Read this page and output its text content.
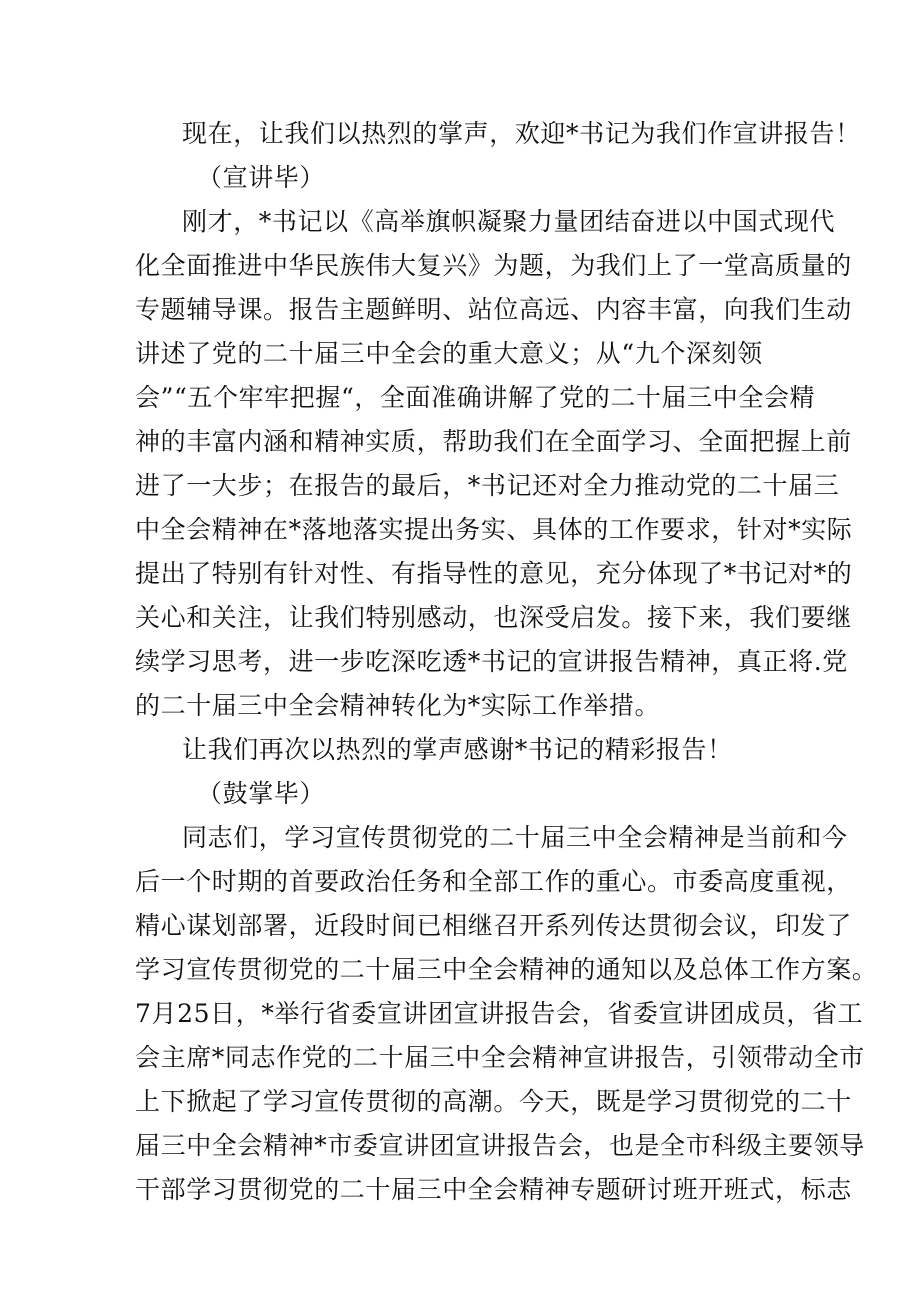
现在，让我们以热烈的掌声，欢迎*书记为我们作宣讲报告！
（宣讲毕）
刚才，*书记以《高举旗帜凝聚力量团结奋进以中国式现代
化全面推进中华民族伟大复兴》为题，为我们上了一堂高质量的
专题辅导课。报告主题鲜明、站位高远、内容丰富，向我们生动
讲述了党的二十届三中全会的重大意义；从“九个深刻领
会”“五个牢牢把握“，全面准确讲解了党的二十届三中全会精
神的丰富内涵和精神实质，帮助我们在全面学习、全面把握上前
进了一大步；在报告的最后，*书记还对全力推动党的二十届三
中全会精神在*落地落实提出务实、具体的工作要求，针对*实际
提出了特别有针对性、有指导性的意见，充分体现了*书记对*的
关心和关注，让我们特别感动，也深受启发。接下来，我们要继
续学习思考，进一步吃深吃透*书记的宣讲报告精神，真正将.党
的二十届三中全会精神转化为*实际工作举措。
让我们再次以热烈的掌声感谢*书记的精彩报告！
（鼓掌毕）
同志们，学习宣传贯彻党的二十届三中全会精神是当前和今
后一个时期的首要政治任务和全部工作的重心。市委高度重视，
精心谋划部署，近段时间已相继召开系列传达贯彻会议，印发了
学习宣传贯彻党的二十届三中全会精神的通知以及总体工作方案。
7月25日，*举行省委宣讲团宣讲报告会，省委宣讲团成员，省工
会主席*同志作党的二十届三中全会精神宣讲报告，引领带动全市
上下掀起了学习宣传贯彻的高潮。今天，既是学习贯彻党的二十
届三中全会精神*市委宣讲团宣讲报告会，也是全市科级主要领导
干部学习贯彻党的二十届三中全会精神专题研讨班开班式，标志
